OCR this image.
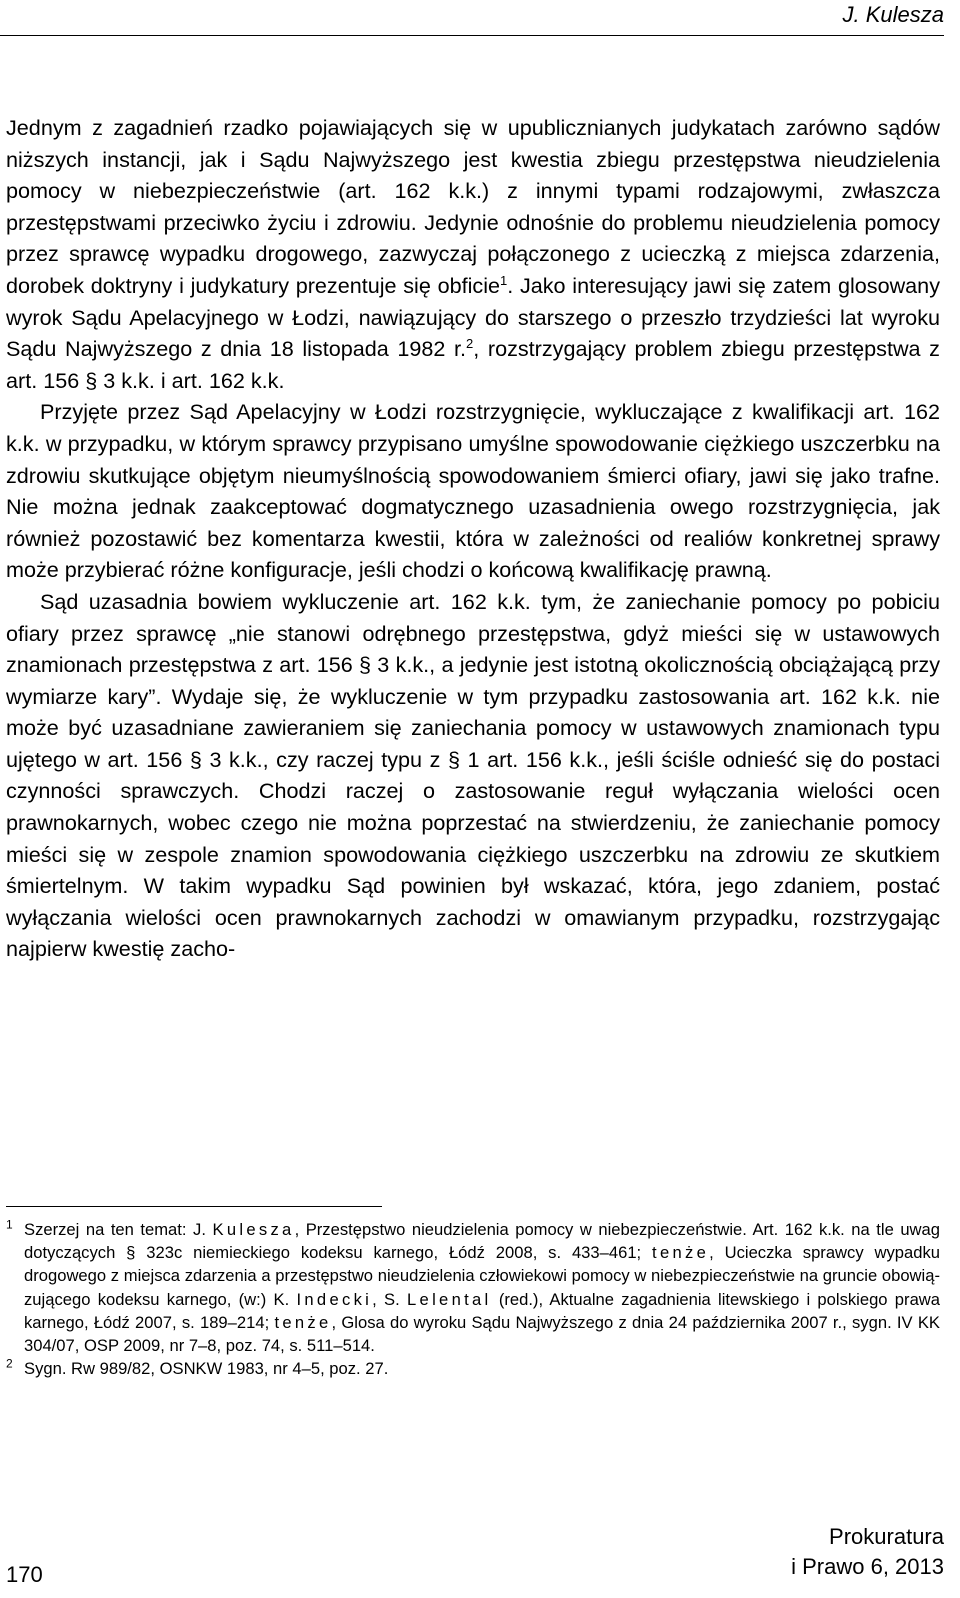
J. Kulesza

Jednym z zagadnień rzadko pojawiających się w upublicznianych judykatach zarówno sądów niższych instancji, jak i Sądu Najwyższego jest kwestia zbiegu przestępstwa nieudzielenia pomocy w niebezpieczeństwie (art. 162 k.k.) z innymi typami rodzajowymi, zwłaszcza przestępstwami przeciwko życiu i zdrowiu. Jedynie odnośnie do problemu nieudzielenia pomocy przez sprawcę wypadku drogowego, zazwyczaj połączonego z ucieczką z miejsca zdarzenia, dorobek doktryny i judykatury prezentuje się obficie$^1$. Jako interesujący jawi się zatem glosowany wyrok Sądu Apelacyjnego w Łodzi, nawiązujący do starszego o przeszło trzydzieści lat wyroku Sądu Najwyższego z dnia 18 listopada 1982 r.$^2$, rozstrzygający problem zbiegu przestępstwa z art. 156 § 3 k.k. i art. 162 k.k.

Przyjęte przez Sąd Apelacyjny w Łodzi rozstrzygnięcie, wykluczające z kwalifikacji art. 162 k.k. w przypadku, w którym sprawcy przypisano umyślne spowodowanie ciężkiego uszczerbku na zdrowiu skutkujące objętym nieumyślnością spowodowaniem śmierci ofiary, jawi się jako trafne. Nie można jednak zaakceptować dogmatycznego uzasadnienia owego rozstrzygnięcia, jak również pozostawić bez komentarza kwestii, która w zależności od realiów konkretnej sprawy może przybierać różne konfiguracje, jeśli chodzi o końcową kwalifikację prawną.

Sąd uzasadnia bowiem wykluczenie art. 162 k.k. tym, że zaniechanie pomocy po pobiciu ofiary przez sprawcę „nie stanowi odrębnego przestępstwa, gdyż mieści się w ustawowych znamionach przestępstwa z art. 156 § 3 k.k., a jedynie jest istotną okolicznością obciążającą przy wymiarze kary”. Wydaje się, że wykluczenie w tym przypadku zastosowania art. 162 k.k. nie może być uzasadniane zawieraniem się zaniechania pomocy w ustawowych znamionach typu ujętego w art. 156 § 3 k.k., czy raczej typu z § 1 art. 156 k.k., jeśli ściśle odnieść się do postaci czynności sprawczych. Chodzi raczej o zastosowanie reguł wyłączania wielości ocen prawnokarnych, wobec czego nie można poprzestać na stwierdzeniu, że zaniechanie pomocy mieści się w zespole znamion spowodowania ciężkiego uszczerbku na zdrowiu ze skutkiem śmiertelnym. W takim wypadku Sąd powinien był wskazać, która, jego zdaniem, postać wyłączania wielości ocen prawnokarnych zachodzi w omawianym przypadku, rozstrzygając najpierw kwestię zacho-

$^1$ Szerzej na ten temat: J. Kulesza, Przestępstwo nieudzielenia pomocy w niebezpieczeństwie. Art. 162 k.k. na tle uwag dotyczących § 323c niemieckiego kodeksu karnego, Łódź 2008, s. 433–461; tenże, Ucieczka sprawcy wypadku drogowego z miejsca zdarzenia a przestępstwo nieudzielenia człowiekowi pomocy w niebezpieczeństwie na gruncie obowiązującego kodeksu karnego, (w:) K. Indecki, S. Lelental (red.), Aktualne zagadnienia litewskiego i polskiego prawa karnego, Łódź 2007, s. 189–214; tenże, Glosa do wyroku Sądu Najwyższego z dnia 24 października 2007 r., sygn. IV KK 304/07, OSP 2009, nr 7–8, poz. 74, s. 511–514.

$^2$ Sygn. Rw 989/82, OSNKW 1983, nr 4–5, poz. 27.

170

Prokuratura
i Prawo 6, 2013
